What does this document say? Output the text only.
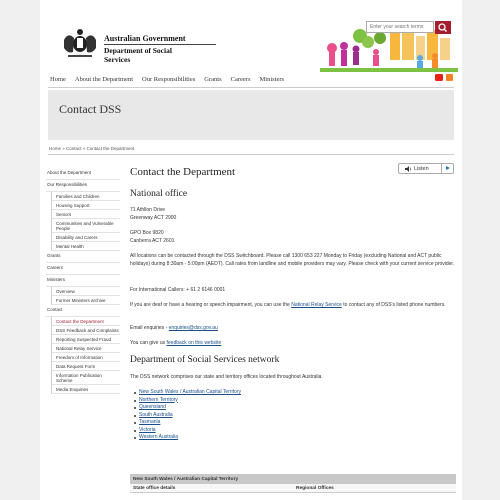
Australian Government
Department of Social Services
Enter your search terms
Home About the Department Our Responsibilities Grants Careers Ministers
Contact DSS
Home » Contact » Contact the Department
About the Department
Our Responsibilities
Families and Children
Housing Support
Seniors
Communities and Vulnerable People
Disability and Carers
Mental Health
Grants
Careers
Ministers
Overview
Former Ministers archive
Contact
Contact the Department
DSS Feedback and Complaints
Reporting Suspected Fraud
National Relay Service
Freedom of Information
Data Request Form
Information Publication Scheme
Media Enquiries
Listen
Contact the Department
National office
71 Athllon Drive
Greenway ACT 2900
GPO Box 9820
Canberra ACT 2601
All locations can be contacted through the DSS Switchboard. Please call 1300 653 227 Monday to Friday (excluding National and ACT public holidays) during 8:30am - 5:00pm (AEDT). Call rates from landline and mobile providers may vary. Please check with your current service provider.
For International Callers: + 61 2 6146 0001
If you are deaf or have a hearing or speech impairment, you can use the National Relay Service to contact any of DSS's listed phone numbers.
Email enquiries - enquiries@dss.gov.au
You can give us feedback on this website
Department of Social Services network
The DSS network comprises our state and territory offices located throughout Australia.
New South Wales / Australian Capital Territory
Northern Territory
Queensland
South Australia
Tasmania
Victoria
Western Australia
New South Wales / Australian Capital Territory
State office details	Regional Offices
